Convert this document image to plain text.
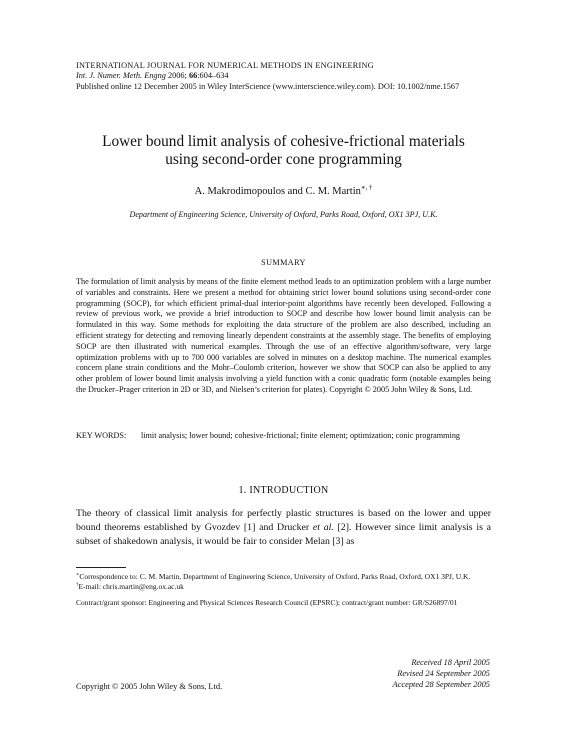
INTERNATIONAL JOURNAL FOR NUMERICAL METHODS IN ENGINEERING
Int. J. Numer. Meth. Engng 2006; 66:604–634
Published online 12 December 2005 in Wiley InterScience (www.interscience.wiley.com). DOI: 10.1002/nme.1567
Lower bound limit analysis of cohesive-frictional materials
using second-order cone programming
A. Makrodimopoulos and C. M. Martin∗, †
Department of Engineering Science, University of Oxford, Parks Road, Oxford, OX1 3PJ, U.K.
SUMMARY
The formulation of limit analysis by means of the finite element method leads to an optimization problem with a large number of variables and constraints. Here we present a method for obtaining strict lower bound solutions using second-order cone programming (SOCP), for which efficient primal-dual interior-point algorithms have recently been developed. Following a review of previous work, we provide a brief introduction to SOCP and describe how lower bound limit analysis can be formulated in this way. Some methods for exploiting the data structure of the problem are also described, including an efficient strategy for detecting and removing linearly dependent constraints at the assembly stage. The benefits of employing SOCP are then illustrated with numerical examples. Through the use of an effective algorithm/software, very large optimization problems with up to 700 000 variables are solved in minutes on a desktop machine. The numerical examples concern plane strain conditions and the Mohr–Coulomb criterion, however we show that SOCP can also be applied to any other problem of lower bound limit analysis involving a yield function with a conic quadratic form (notable examples being the Drucker–Prager criterion in 2D or 3D, and Nielsen’s criterion for plates). Copyright © 2005 John Wiley & Sons, Ltd.
KEY WORDS: limit analysis; lower bound; cohesive-frictional; finite element; optimization; conic programming
1. INTRODUCTION
The theory of classical limit analysis for perfectly plastic structures is based on the lower and upper bound theorems established by Gvozdev [1] and Drucker et al. [2]. However since limit analysis is a subset of shakedown analysis, it would be fair to consider Melan [3] as
∗Correspondence to: C. M. Martin, Department of Engineering Science, University of Oxford, Parks Road, Oxford, OX1 3PJ, U.K.
†E-mail: chris.martin@eng.ox.ac.uk
Contract/grant sponsor: Engineering and Physical Sciences Research Council (EPSRC); contract/grant number: GR/S26897/01
Received 18 April 2005
Revised 24 September 2005
Accepted 28 September 2005
Copyright © 2005 John Wiley & Sons, Ltd.
